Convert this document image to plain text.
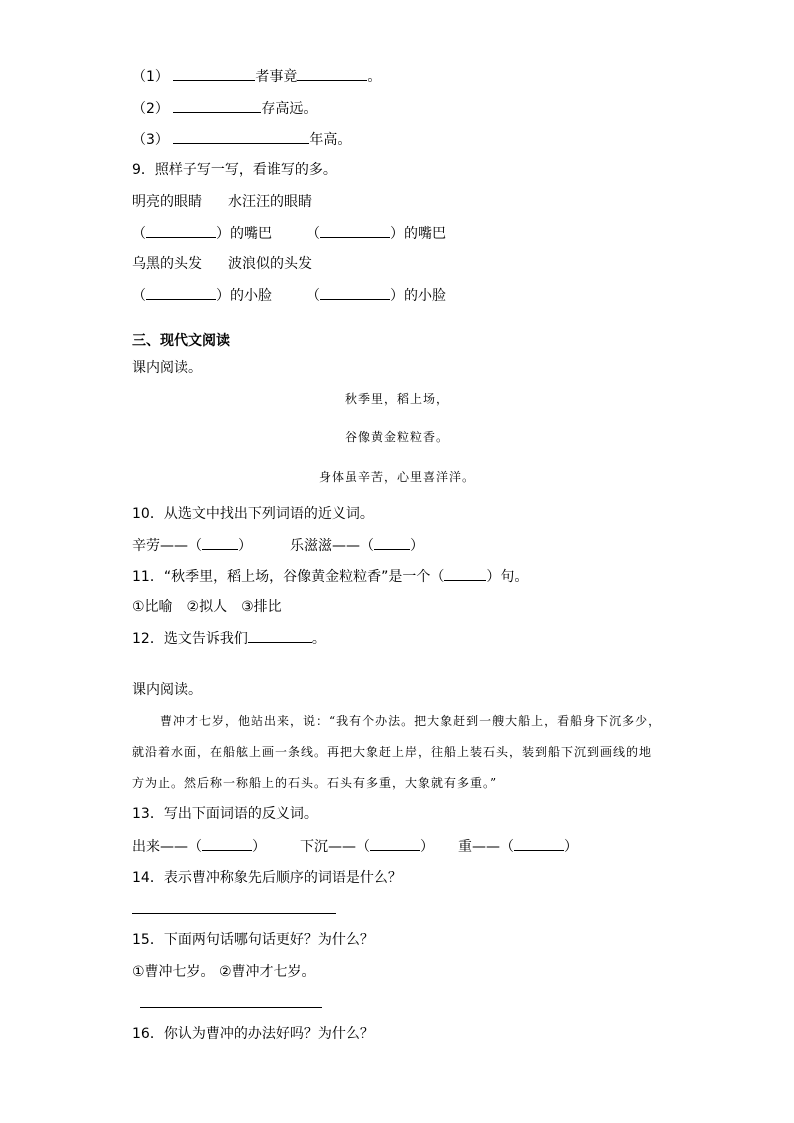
（1）	者事竟	。
（2）	存高远。
（3）	年高。
9．照样子写一写，看谁写的多。
明亮的眼睛 水汪汪的眼睛
（	）的嘴巴 （	）的嘴巴
乌黑的头发 波浪似的头发
（	）的小脸 （	）的小脸
三、现代文阅读
课内阅读。
秋季里，稻上场，
谷像黄金粒粒香。
身体虽辛苦，心里喜洋洋。
10．从选文中找出下列词语的近义词。
辛劳——（	）	乐滋滋——（	）
11．“秋季里，稻上场，谷像黄金粒粒香”是一个（	）句。
①比喻　②拟人　③排比
12．选文告诉我们	。
课内阅读。
曹冲才七岁，他站出来，说：“我有个办法。把大象赶到一艘大船上，看船身下沉多少，就沿着水面，在船舷上画一条线。再把大象赶上岸，往船上装石头，装到船下沉到画线的地方为止。然后称一称船上的石头。石头有多重，大象就有多重。”
13．写出下面词语的反义词。
出来——（	） 下沉——（	） 重——（	）
14．表示曹冲称象先后顺序的词语是什么？
15．下面两句话哪句话更好？为什么？
①曹冲七岁。 ②曹冲才七岁。
16．你认为曹冲的办法好吗？为什么？
